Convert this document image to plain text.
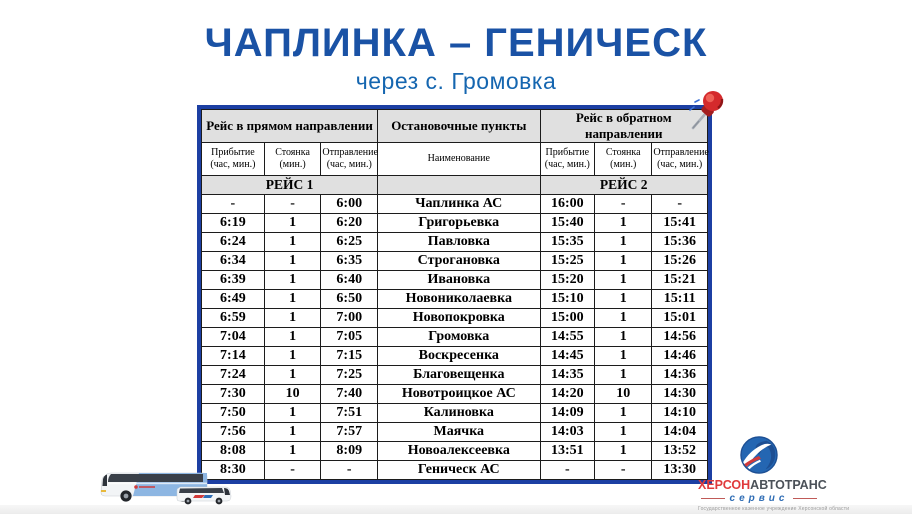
ЧАПЛИНКА – ГЕНИЧЕСК
через с. Громовка
Рейс в прямом направлении			Остановочные пункты	Рейс в обратном направлении		
Прибытие (час, мин.)	Стоянка (мин.)	Отправление (час, мин.)	Наименование	Прибытие (час, мин.)	Стоянка (мин.)	Отправление (час, мин.)
РЕЙС 1				РЕЙС 2		
-	-	6:00	Чаплинка АС	16:00	-	-
6:19	1	6:20	Григорьевка	15:40	1	15:41
6:24	1	6:25	Павловка	15:35	1	15:36
6:34	1	6:35	Строгановка	15:25	1	15:26
6:39	1	6:40	Ивановка	15:20	1	15:21
6:49	1	6:50	Новониколаевка	15:10	1	15:11
6:59	1	7:00	Новопокровка	15:00	1	15:01
7:04	1	7:05	Громовка	14:55	1	14:56
7:14	1	7:15	Воскресенка	14:45	1	14:46
7:24	1	7:25	Благовещенка	14:35	1	14:36
7:30	10	7:40	Новотроицкое АС	14:20	10	14:30
7:50	1	7:51	Калиновка	14:09	1	14:10
7:56	1	7:57	Маячка	14:03	1	14:04
8:08	1	8:09	Новоалексеевка	13:51	1	13:52
8:30	-	-	Геническ АС	-	-	13:30
ХЕРСОНАВТОТРАНС
сервис
Государственное казенное учреждение Херсонской области
